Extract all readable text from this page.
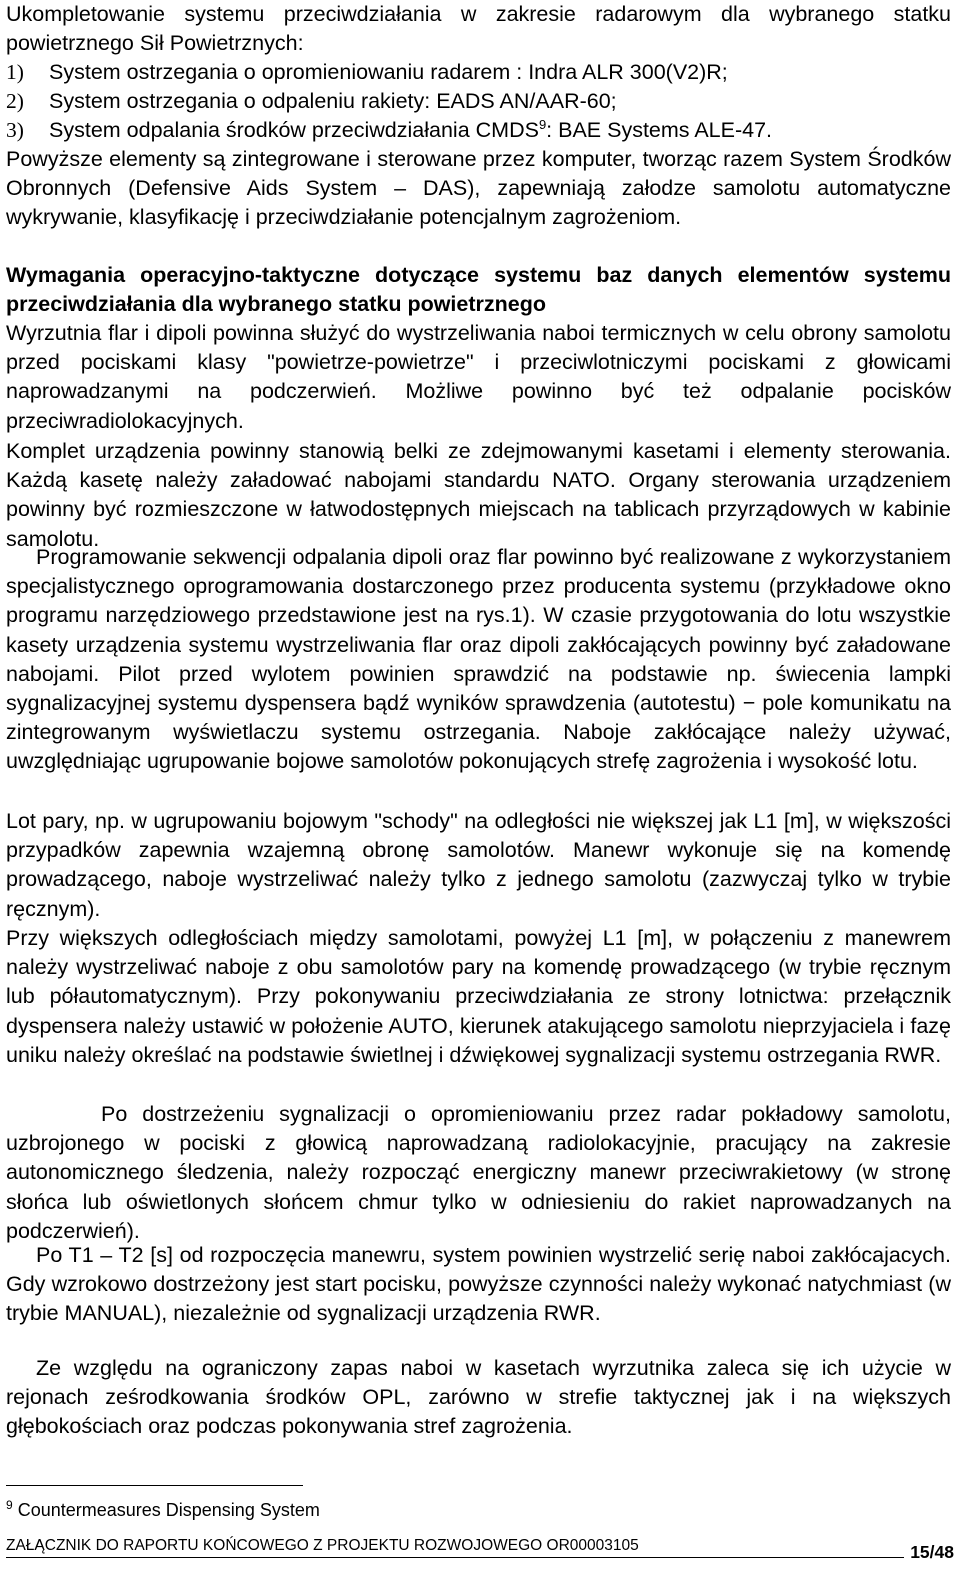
Ukompletowanie systemu przeciwdziałania w zakresie radarowym dla wybranego statku powietrznego Sił Powietrznych:
1) System ostrzegania o opromieniowaniu radarem : Indra ALR 300(V2)R;
2) System ostrzegania o odpaleniu rakiety: EADS AN/AAR-60;
3) System odpalania środków przeciwdziałania CMDS$^9$: BAE Systems ALE-47.
Powyższe elementy są zintegrowane i sterowane przez komputer, tworząc razem System Środków Obronnych (Defensive Aids System – DAS), zapewniają załodze samolotu automatyczne wykrywanie, klasyfikację i przeciwdziałanie potencjalnym zagrożeniom.
Wymagania operacyjno-taktyczne dotyczące systemu baz danych elementów systemu przeciwdziałania dla wybranego statku powietrznego
Wyrzutnia flar i dipoli powinna służyć do wystrzeliwania naboi termicznych w celu obrony samolotu przed pociskami klasy "powietrze-powietrze" i przeciwlotniczymi pociskami z głowicami naprowadzanymi na podczerwień. Możliwe powinno być też odpalanie pocisków przeciwradiolokacyjnych.
Komplet urządzenia powinny stanowią belki ze zdejmowanymi kasetami i elementy sterowania. Każdą kasetę należy załadować nabojami standardu NATO. Organy sterowania urządzeniem powinny być rozmieszczone w łatwodostępnych miejscach na tablicach przyrządowych w kabinie samolotu.
Programowanie sekwencji odpalania dipoli oraz flar powinno być realizowane z wykorzystaniem specjalistycznego oprogramowania dostarczonego przez producenta systemu (przykładowe okno programu narzędziowego przedstawione jest na rys.1). W czasie przygotowania do lotu wszystkie kasety urządzenia systemu wystrzeliwania flar oraz dipoli zakłócających powinny być załadowane nabojami. Pilot przed wylotem powinien sprawdzić na podstawie np. świecenia lampki sygnalizacyjnej systemu dyspensera bądź wyników sprawdzenia (autotestu) − pole komunikatu na zintegrowanym wyświetlaczu systemu ostrzegania. Naboje zakłócające należy używać, uwzględniając ugrupowanie bojowe samolotów pokonujących strefę zagrożenia i wysokość lotu.
Lot pary, np. w ugrupowaniu bojowym "schody" na odległości nie większej jak L1 [m], w większości przypadków zapewnia wzajemną obronę samolotów. Manewr wykonuje się na komendę prowadzącego, naboje wystrzeliwać należy tylko z jednego samolotu (zazwyczaj tylko w trybie ręcznym).
Przy większych odległościach między samolotami, powyżej L1 [m], w połączeniu z manewrem należy wystrzeliwać naboje z obu samolotów pary na komendę prowadzącego (w trybie ręcznym lub półautomatycznym). Przy pokonywaniu przeciwdziałania ze strony lotnictwa: przełącznik dyspensera należy ustawić w położenie AUTO, kierunek atakującego samolotu nieprzyjaciela i fazę uniku należy określać na podstawie świetlnej i dźwiękowej sygnalizacji systemu ostrzegania RWR.
Po dostrzeżeniu sygnalizacji o opromieniowaniu przez radar pokładowy samolotu, uzbrojonego w pociski z głowicą naprowadzaną radiolokacyjnie, pracujący na zakresie autonomicznego śledzenia, należy rozpocząć energiczny manewr przeciwrakietowy (w stronę słońca lub oświetlonych słońcem chmur tylko w odniesieniu do rakiet naprowadzanych na podczerwień).
Po T1 – T2 [s] od rozpoczęcia manewru, system powinien wystrzelić serię naboi zakłócajacych. Gdy wzrokowo dostrzeżony jest start pocisku, powyższe czynności należy wykonać natychmiast (w trybie MANUAL), niezależnie od sygnalizacji urządzenia RWR.
Ze względu na ograniczony zapas naboi w kasetach wyrzutnika zaleca się ich użycie w rejonach ześrodkowania środków OPL, zarówno w strefie taktycznej jak i na większych głębokościach oraz podczas pokonywania stref zagrożenia.
$^9$ Countermeasures Dispensing System
ZAŁĄCZNIK DO RAPORTU KOŃCOWEGO Z PROJEKTU ROZWOJOWEGO OR00003105	15/48
